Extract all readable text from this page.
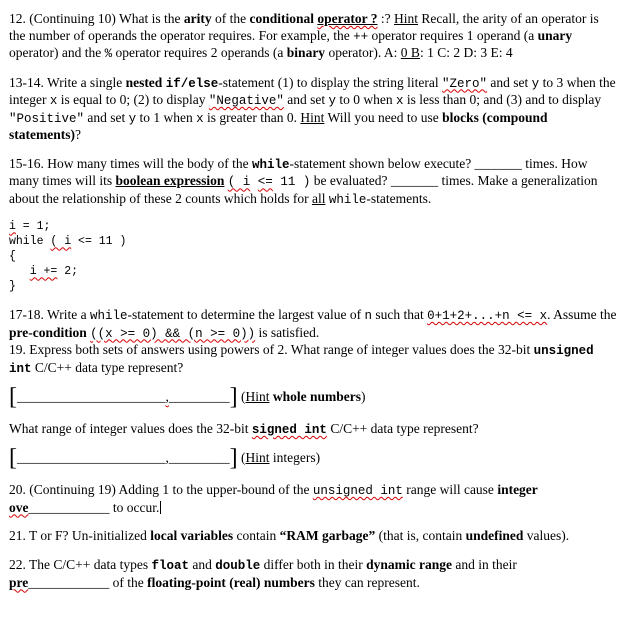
12. (Continuing 10) What is the arity of the conditional operator ? :? Hint Recall, the arity of an operator is the number of operands the operator requires. For example, the ++ operator requires 1 operand (a unary operator) and the % operator requires 2 operands (a binary operator). A: 0 B: 1 C: 2 D: 3 E: 4

13-14. Write a single nested if/else-statement (1) to display the string literal "Zero" and set y to 3 when the integer x is equal to 0; (2) to display "Negative" and set y to 0 when x is less than 0; and (3) and to display "Positive" and set y to 1 when x is greater than 0. Hint Will you need to use blocks (compound statements)?

15-16. How many times will the body of the while-statement shown below execute? _______ times. How many times will its boolean expression ( i <= 11 ) be evaluated? _______ times. Make a generalization about the relationship of these 2 counts which holds for all while-statements.

i = 1;
while ( i <= 11 )
{
i += 2;
}

17-18. Write a while-statement to determine the largest value of n such that 0+1+2+...+n <= x. Assume the pre-condition ((x >= 0) && (n >= 0)) is satisfied.
19. Express both sets of answers using powers of 2. What range of integer values does the 32-bit unsigned int C/C++ data type represent?

[______________________,_________] (Hint whole numbers)

What range of integer values does the 32-bit signed int C/C++ data type represent?

[______________________,_________] (Hint integers)

20. (Continuing 19) Adding 1 to the upper-bound of the unsigned int range will cause integer
ove____________ to occur.

21. T or F? Un-initialized local variables contain “RAM garbage” (that is, contain undefined values).

22. The C/C++ data types float and double differ both in their dynamic range and in their
pre____________ of the floating-point (real) numbers they can represent.
